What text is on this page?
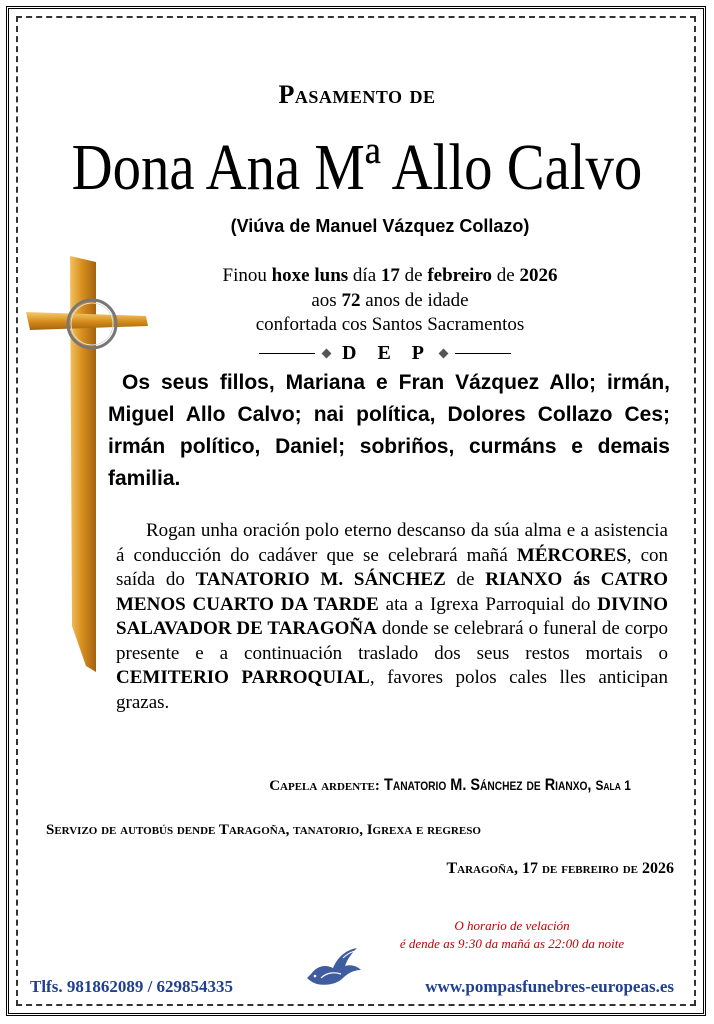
Pasamento de
Dona Ana Mª Allo Calvo
(Viúva de Manuel Vázquez Collazo)
Finou hoxe luns día 17 de febreiro de 2026
aos 72 anos de idade
confortada cos Santos Sacramentos
D E P
Os seus fillos, Mariana e Fran Vázquez Allo; irmán, Miguel Allo Calvo; nai política, Dolores Collazo Ces; irmán político, Daniel; sobriños, curmáns e demais familia.
Rogan unha oración polo eterno descanso da súa alma e a asistencia á conducción do cadáver que se celebrará mañá MÉRCORES, con saída do TANATORIO M. SÁNCHEZ de RIANXO ás CATRO MENOS CUARTO DA TARDE ata a Igrexa Parroquial do DIVINO SALAVADOR DE TARAGOÑA donde se celebrará o funeral de corpo presente e a continuación traslado dos seus restos mortais o CEMITERIO PARROQUIAL, favores polos cales lles anticipan grazas.
Capela ardente: Tanatorio M. Sánchez de Rianxo, Sala 1
Servizo de autobús dende Taragoña, tanatorio, Igrexa e regreso
Taragoña, 17 de febreiro de 2026
O horario de velación
é dende as 9:30 da mañá as 22:00 da noite
Tlfs. 981862089 / 629854335	www.pompasfunebres-europeas.es
